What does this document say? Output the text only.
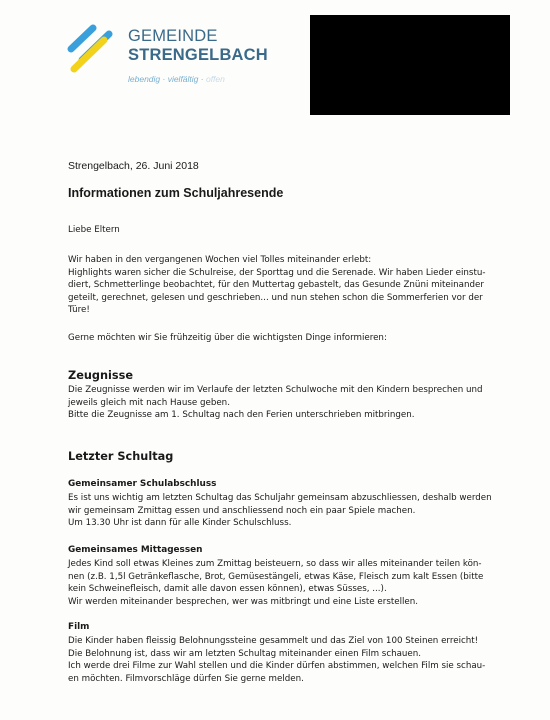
GEMEINDE
STRENGELBACH
lebendig · vielfältig · offen
Strengelbach, 26. Juni 2018
Informationen zum Schuljahresende
Liebe Eltern

Wir haben in den vergangenen Wochen viel Tolles miteinander erlebt:

Highlights waren sicher die Schulreise, der Sporttag und die Serenade. Wir haben Lieder einstu-

diert, Schmetterlinge beobachtet, für den Muttertag gebastelt, das Gesunde Znüni miteinander

geteilt, gerechnet, gelesen und geschrieben... und nun stehen schon die Sommerferien vor der

Türe!

Gerne möchten wir Sie frühzeitig über die wichtigsten Dinge informieren:
Zeugnisse

Die Zeugnisse werden wir im Verlaufe der letzten Schulwoche mit den Kindern besprechen und

jeweils gleich mit nach Hause geben.

Bitte die Zeugnisse am 1. Schultag nach den Ferien unterschrieben mitbringen.

Letzter Schultag
Gemeinsamer Schulabschluss

Es ist uns wichtig am letzten Schultag das Schuljahr gemeinsam abzuschliessen, deshalb werden

wir gemeinsam Zmittag essen und anschliessend noch ein paar Spiele machen.

Um 13.30 Uhr ist dann für alle Kinder Schulschluss.

Gemeinsames Mittagessen

Jedes Kind soll etwas Kleines zum Zmittag beisteuern, so dass wir alles miteinander teilen kön-

nen (z.B. 1,5l Getränkeflasche, Brot, Gemüsestängeli, etwas Käse, Fleisch zum kalt Essen (bitte

kein Schweinefleisch, damit alle davon essen können), etwas Süsses, ...).

Wir werden miteinander besprechen, wer was mitbringt und eine Liste erstellen.

Film

Die Kinder haben fleissig Belohnungssteine gesammelt und das Ziel von 100 Steinen erreicht!

Die Belohnung ist, dass wir am letzten Schultag miteinander einen Film schauen.

Ich werde drei Filme zur Wahl stellen und die Kinder dürfen abstimmen, welchen Film sie schau-

en möchten. Filmvorschläge dürfen Sie gerne melden.
